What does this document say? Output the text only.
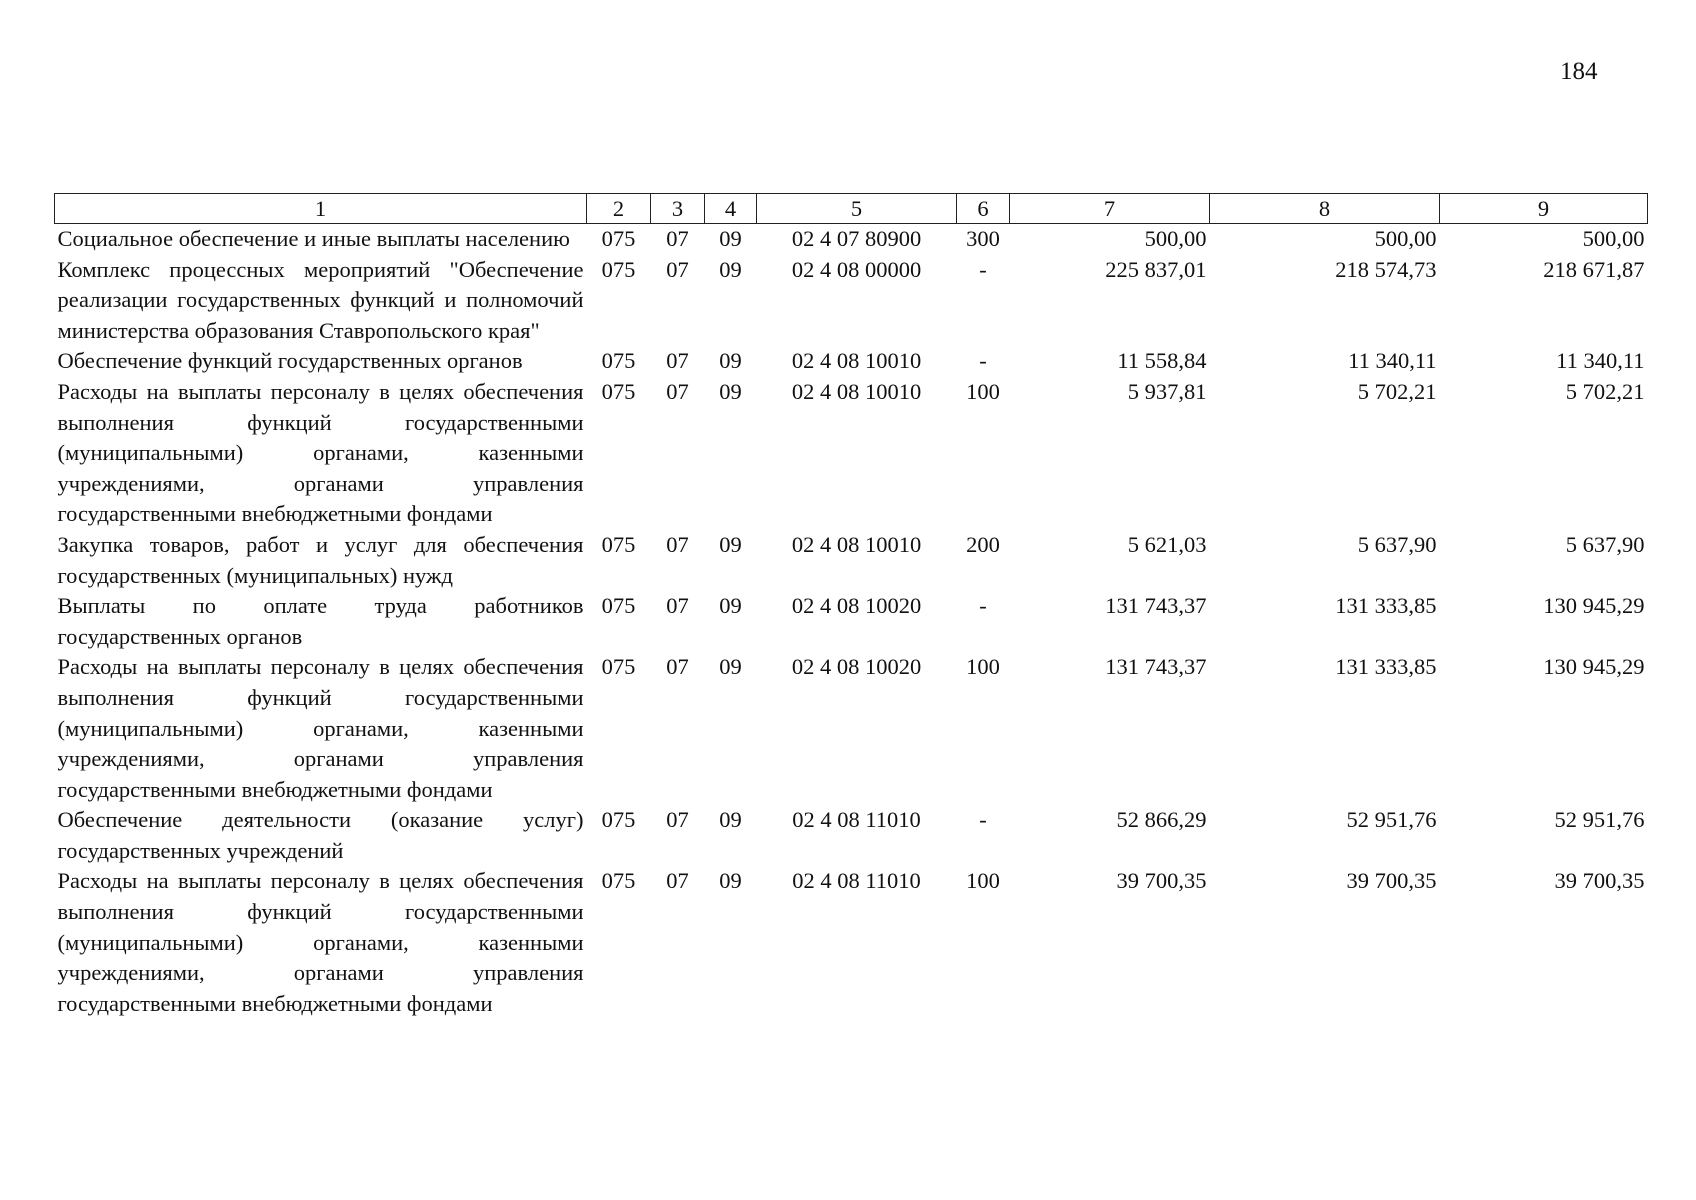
184
1	2	3	4	5	6	7	8	9
Социальное обеспечение и иные выплаты населению	075	07	09	02 4 07 80900	300	500,00	500,00	500,00
Комплекс процессных мероприятий "Обеспечение реализации государственных функций и полномочий министерства образования Ставропольского края"	075	07	09	02 4 08 00000	-	225 837,01	218 574,73	218 671,87
Обеспечение функций государственных органов	075	07	09	02 4 08 10010	-	11 558,84	11 340,11	11 340,11
Расходы на выплаты персоналу в целях обеспечения выполнения функций государственными (муниципальными) органами, казенными учреждениями, органами управления государственными внебюджетными фондами	075	07	09	02 4 08 10010	100	5 937,81	5 702,21	5 702,21
Закупка товаров, работ и услуг для обеспечения государственных (муниципальных) нужд	075	07	09	02 4 08 10010	200	5 621,03	5 637,90	5 637,90
Выплаты по оплате труда работников государственных органов	075	07	09	02 4 08 10020	-	131 743,37	131 333,85	130 945,29
Расходы на выплаты персоналу в целях обеспечения выполнения функций государственными (муниципальными) органами, казенными учреждениями, органами управления государственными внебюджетными фондами	075	07	09	02 4 08 10020	100	131 743,37	131 333,85	130 945,29
Обеспечение деятельности (оказание услуг) государственных учреждений	075	07	09	02 4 08 11010	-	52 866,29	52 951,76	52 951,76
Расходы на выплаты персоналу в целях обеспечения выполнения функций государственными (муниципальными) органами, казенными учреждениями, органами управления государственными внебюджетными фондами	075	07	09	02 4 08 11010	100	39 700,35	39 700,35	39 700,35
